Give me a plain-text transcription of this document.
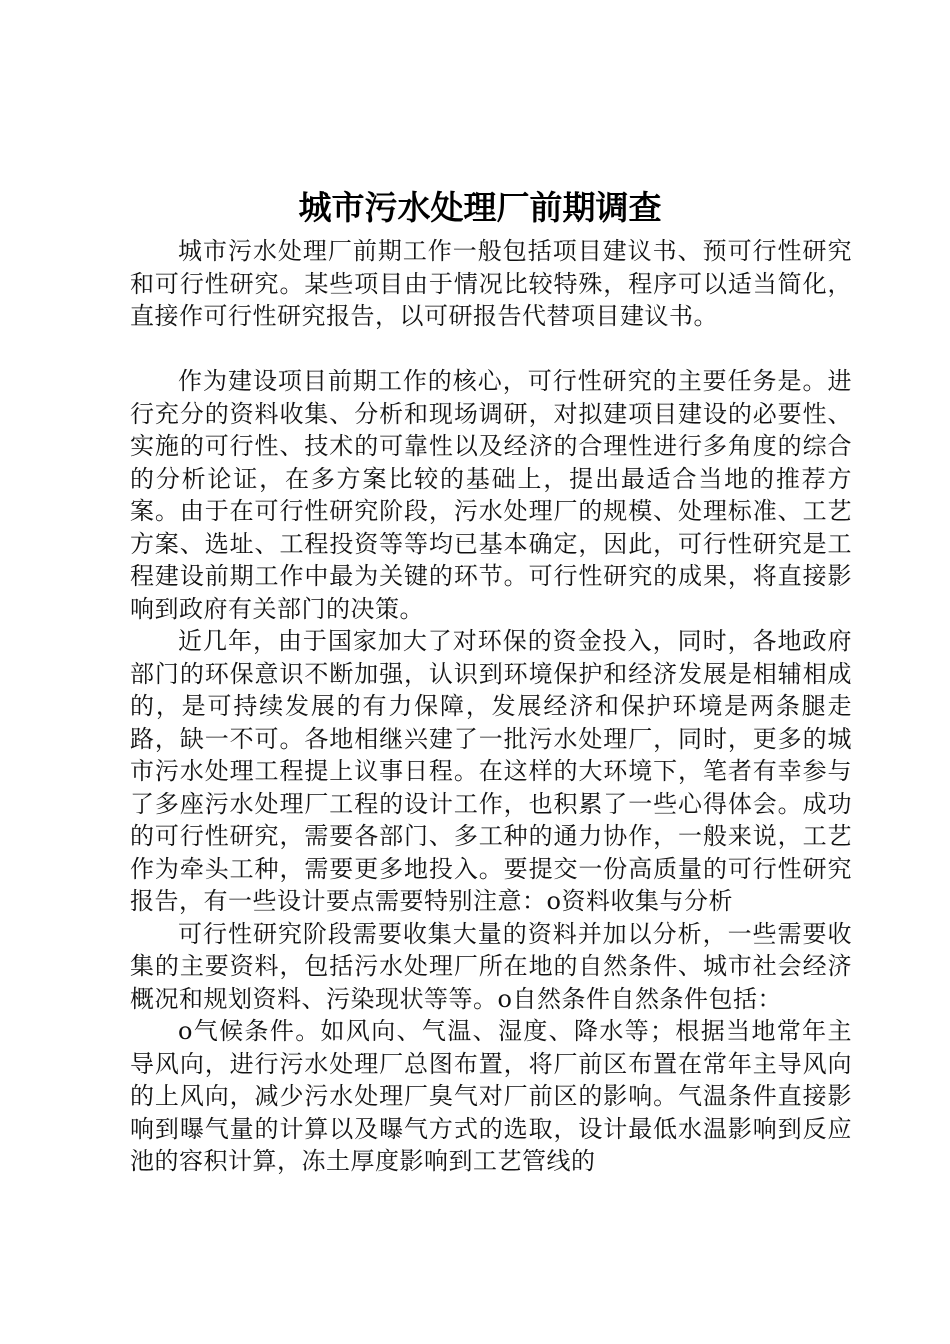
城市污水处理厂前期调查

城市污水处理厂前期工作一般包括项目建议书、预可行性研究和可行性研究。某些项目由于情况比较特殊，程序可以适当简化，直接作可行性研究报告，以可研报告代替项目建议书。

作为建设项目前期工作的核心，可行性研究的主要任务是。进行充分的资料收集、分析和现场调研，对拟建项目建设的必要性、实施的可行性、技术的可靠性以及经济的合理性进行多角度的综合的分析论证，在多方案比较的基础上，提出最适合当地的推荐方案。由于在可行性研究阶段，污水处理厂的规模、处理标准、工艺方案、选址、工程投资等等均已基本确定，因此，可行性研究是工程建设前期工作中最为关键的环节。可行性研究的成果，将直接影响到政府有关部门的决策。

近几年，由于国家加大了对环保的资金投入，同时，各地政府部门的环保意识不断加强，认识到环境保护和经济发展是相辅相成的，是可持续发展的有力保障，发展经济和保护环境是两条腿走路，缺一不可。各地相继兴建了一批污水处理厂，同时，更多的城市污水处理工程提上议事日程。在这样的大环境下，笔者有幸参与了多座污水处理厂工程的设计工作，也积累了一些心得体会。成功的可行性研究，需要各部门、多工种的通力协作，一般来说，工艺作为牵头工种，需要更多地投入。要提交一份高质量的可行性研究报告，有一些设计要点需要特别注意：o资料收集与分析

可行性研究阶段需要收集大量的资料并加以分析，一些需要收集的主要资料，包括污水处理厂所在地的自然条件、城市社会经济概况和规划资料、污染现状等等。o自然条件自然条件包括：

o气候条件。如风向、气温、湿度、降水等；根据当地常年主导风向，进行污水处理厂总图布置，将厂前区布置在常年主导风向的上风向，减少污水处理厂臭气对厂前区的影响。气温条件直接影响到曝气量的计算以及曝气方式的选取，设计最低水温影响到反应池的容积计算，冻土厚度影响到工艺管线的
